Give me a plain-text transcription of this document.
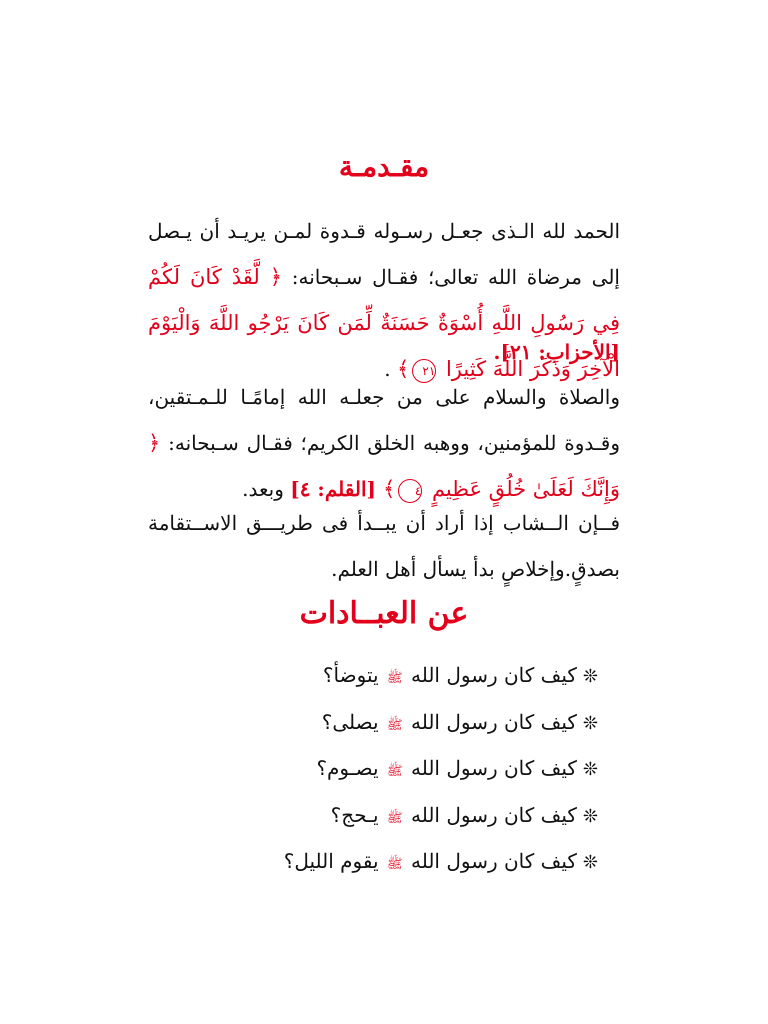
مقـدمـة
الحمد لله الـذى جعـل رسـوله قـدوة لمـن يريـد أن يـصل إلى مرضاة الله تعالى؛ فقـال سـبحانه: ﴿ لَّقَدْ كَانَ لَكُمْ فِي رَسُولِ اللَّهِ أُسْوَةٌ حَسَنَةٌ لِّمَن كَانَ يَرْجُو اللَّهَ وَالْيَوْمَ الْآخِرَ وَذَكَرَ اللَّهَ كَثِيرًا ٢١﴾ .
[الأحزاب: ٢١].
والصلاة والسلام على من جعلـه الله إمامًـا للـمـتقين، وقـدوة للمؤمنين، ووهبه الخلق الكريم؛ فقـال سـبحانه: ﴿ وَإِنَّكَ لَعَلَىٰ خُلُقٍ عَظِيمٍ ٤﴾ [القلم: ٤] وبعد.
فــإن الــشاب إذا أراد أن يبــدأ فى طريـــق الاســتقامة بصدقٍ.وإخلاصٍ بدأ يسأل أهل العلم.
عن العبــادات
❊كيف كان رسول الله ﷺ يتوضأ؟
❊كيف كان رسول الله ﷺ يصلى؟
❊كيف كان رسول الله ﷺ يصـوم؟
❊كيف كان رسول الله ﷺ يـحج؟
❊كيف كان رسول الله ﷺ يقوم الليل؟
